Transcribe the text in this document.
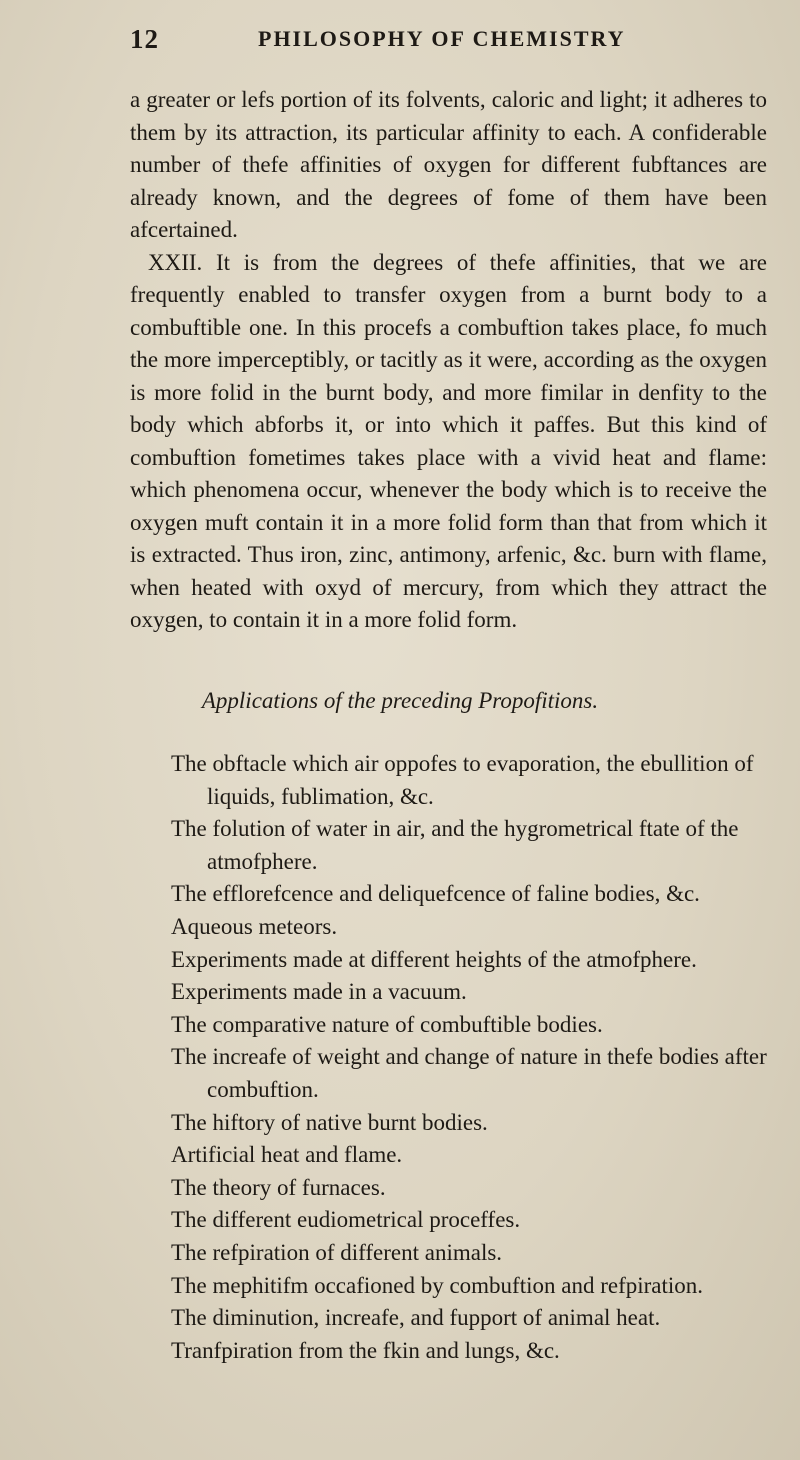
12	PHILOSOPHY OF CHEMISTRY

a greater or lefs portion of its folvents, caloric and light; it adheres to them by its attraction, its particular affinity to each. A confiderable number of thefe affinities of oxygen for different fubftances are already known, and the degrees of fome of them have been afcertained.

XXII. It is from the degrees of thefe affinities, that we are frequently enabled to transfer oxygen from a burnt body to a combuftible one. In this procefs a combuftion takes place, fo much the more imperceptibly, or tacitly as it were, according as the oxygen is more folid in the burnt body, and more fimilar in denfity to the body which abforbs it, or into which it paffes. But this kind of combuftion fometimes takes place with a vivid heat and flame: which phenomena occur, whenever the body which is to receive the oxygen muft contain it in a more folid form than that from which it is extracted. Thus iron, zinc, antimony, arfenic, &c. burn with flame, when heated with oxyd of mercury, from which they attract the oxygen, to contain it in a more folid form.

Applications of the preceding Propofitions.
The obftacle which air oppofes to evaporation, the ebullition of liquids, fublimation, &c.
The folution of water in air, and the hygrometrical ftate of the atmofphere.
The efflorefcence and deliquefcence of faline bodies, &c.
Aqueous meteors.
Experiments made at different heights of the atmofphere.
Experiments made in a vacuum.
The comparative nature of combuftible bodies.
The increafe of weight and change of nature in thefe bodies after combuftion.
The hiftory of native burnt bodies.
Artificial heat and flame.
The theory of furnaces.
The different eudiometrical proceffes.
The refpiration of different animals.
The mephitifm occafioned by combuftion and refpiration.
The diminution, increafe, and fupport of animal heat.
Tranfpiration from the fkin and lungs, &c.
